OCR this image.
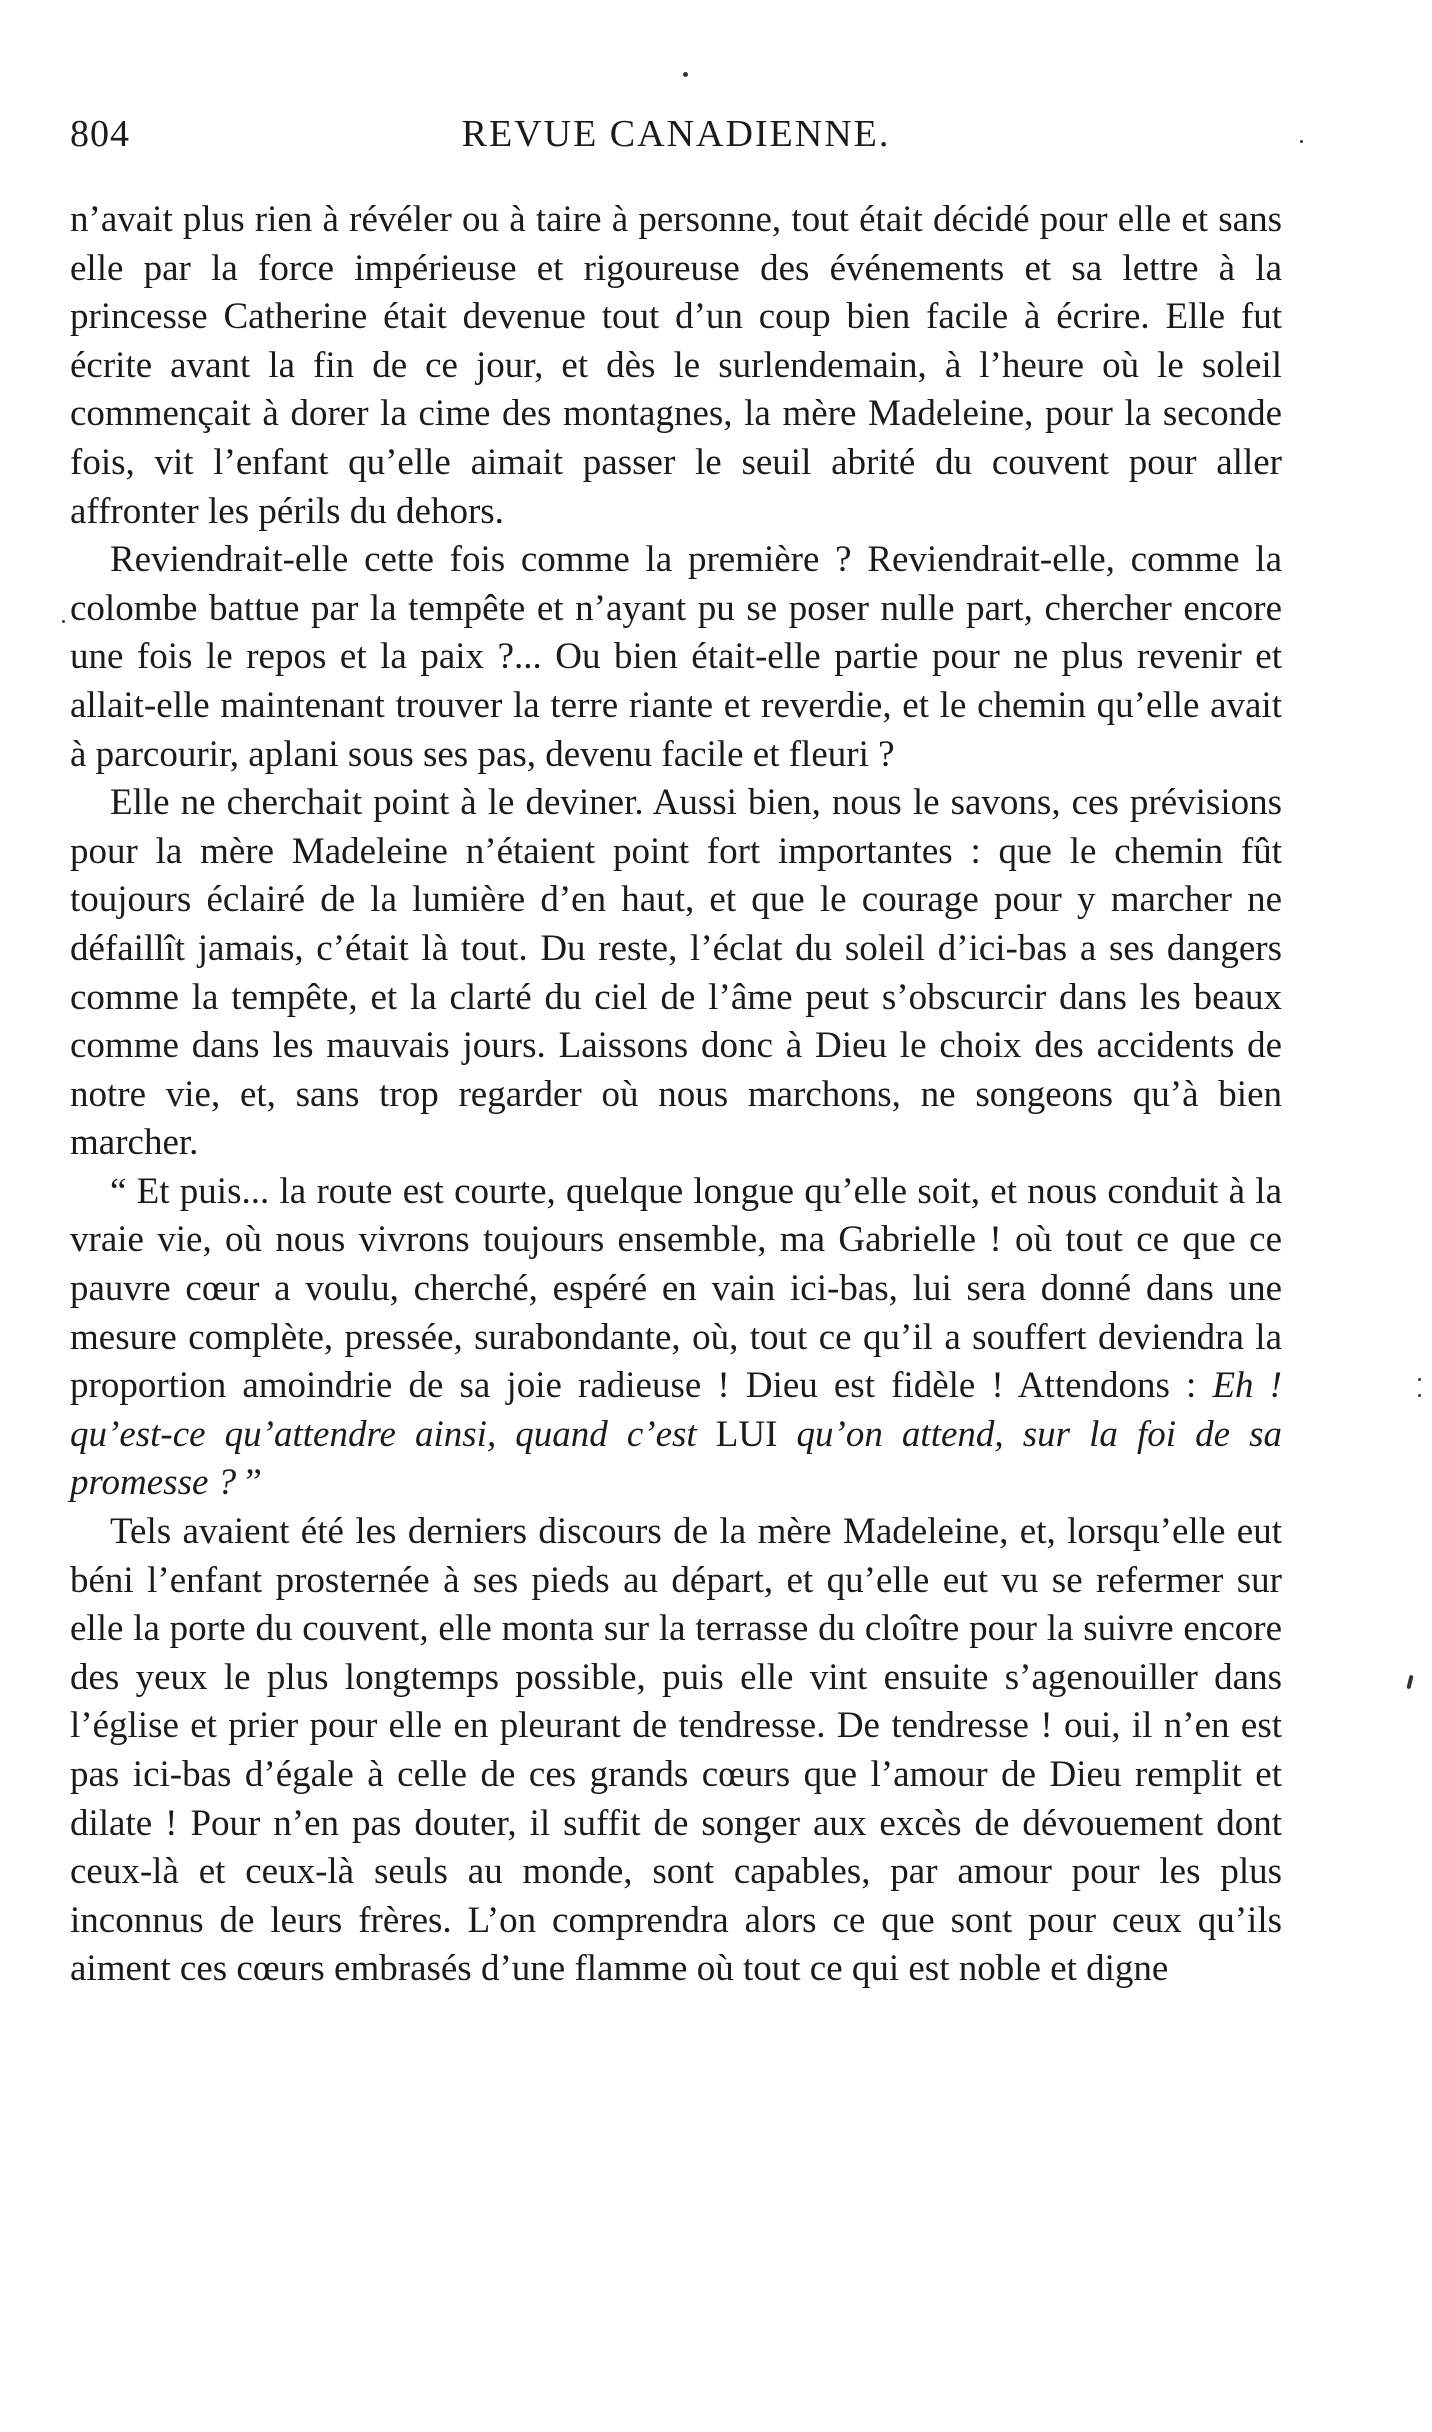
804	REVUE CANADIENNE.

n’avait plus rien à révéler ou à taire à personne, tout était décidé pour elle et sans elle par la force impérieuse et rigoureuse des événements et sa lettre à la princesse Catherine était devenue tout d’un coup bien facile à écrire. Elle fut écrite avant la fin de ce jour, et dès le surlendemain, à l’heure où le soleil commençait à dorer la cime des montagnes, la mère Madeleine, pour la seconde fois, vit l’enfant qu’elle aimait passer le seuil abrité du couvent pour aller affronter les périls du dehors.

Reviendrait-elle cette fois comme la première ? Reviendrait-elle, comme la colombe battue par la tempête et n’ayant pu se poser nulle part, chercher encore une fois le repos et la paix ?... Ou bien était-elle partie pour ne plus revenir et allait-elle maintenant trouver la terre riante et reverdie, et le chemin qu’elle avait à parcourir, aplani sous ses pas, devenu facile et fleuri ?

Elle ne cherchait point à le deviner. Aussi bien, nous le savons, ces prévisions pour la mère Madeleine n’étaient point fort importantes : que le chemin fût toujours éclairé de la lumière d’en haut, et que le courage pour y marcher ne défaillît jamais, c’était là tout. Du reste, l’éclat du soleil d’ici-bas a ses dangers comme la tempête, et la clarté du ciel de l’âme peut s’obscurcir dans les beaux comme dans les mauvais jours. Laissons donc à Dieu le choix des accidents de notre vie, et, sans trop regarder où nous marchons, ne songeons qu’à bien marcher.

“ Et puis... la route est courte, quelque longue qu’elle soit, et nous conduit à la vraie vie, où nous vivrons toujours ensemble, ma Gabrielle ! où tout ce que ce pauvre cœur a voulu, cherché, espéré en vain ici-bas, lui sera donné dans une mesure complète, pressée, surabondante, où, tout ce qu’il a souffert deviendra la proportion amoindrie de sa joie radieuse ! Dieu est fidèle ! Attendons : Eh ! qu’est-ce qu’attendre ainsi, quand c’est LUI qu’on attend, sur la foi de sa promesse ? ”

Tels avaient été les derniers discours de la mère Madeleine, et, lorsqu’elle eut béni l’enfant prosternée à ses pieds au départ, et qu’elle eut vu se refermer sur elle la porte du couvent, elle monta sur la terrasse du cloître pour la suivre encore des yeux le plus longtemps possible, puis elle vint ensuite s’agenouiller dans l’église et prier pour elle en pleurant de tendresse. De tendresse ! oui, il n’en est pas ici-bas d’égale à celle de ces grands cœurs que l’amour de Dieu remplit et dilate ! Pour n’en pas douter, il suffit de songer aux excès de dévouement dont ceux-là et ceux-là seuls au monde, sont capables, par amour pour les plus inconnus de leurs frères. L’on comprendra alors ce que sont pour ceux qu’ils aiment ces cœurs embrasés d’une flamme où tout ce qui est noble et digne
